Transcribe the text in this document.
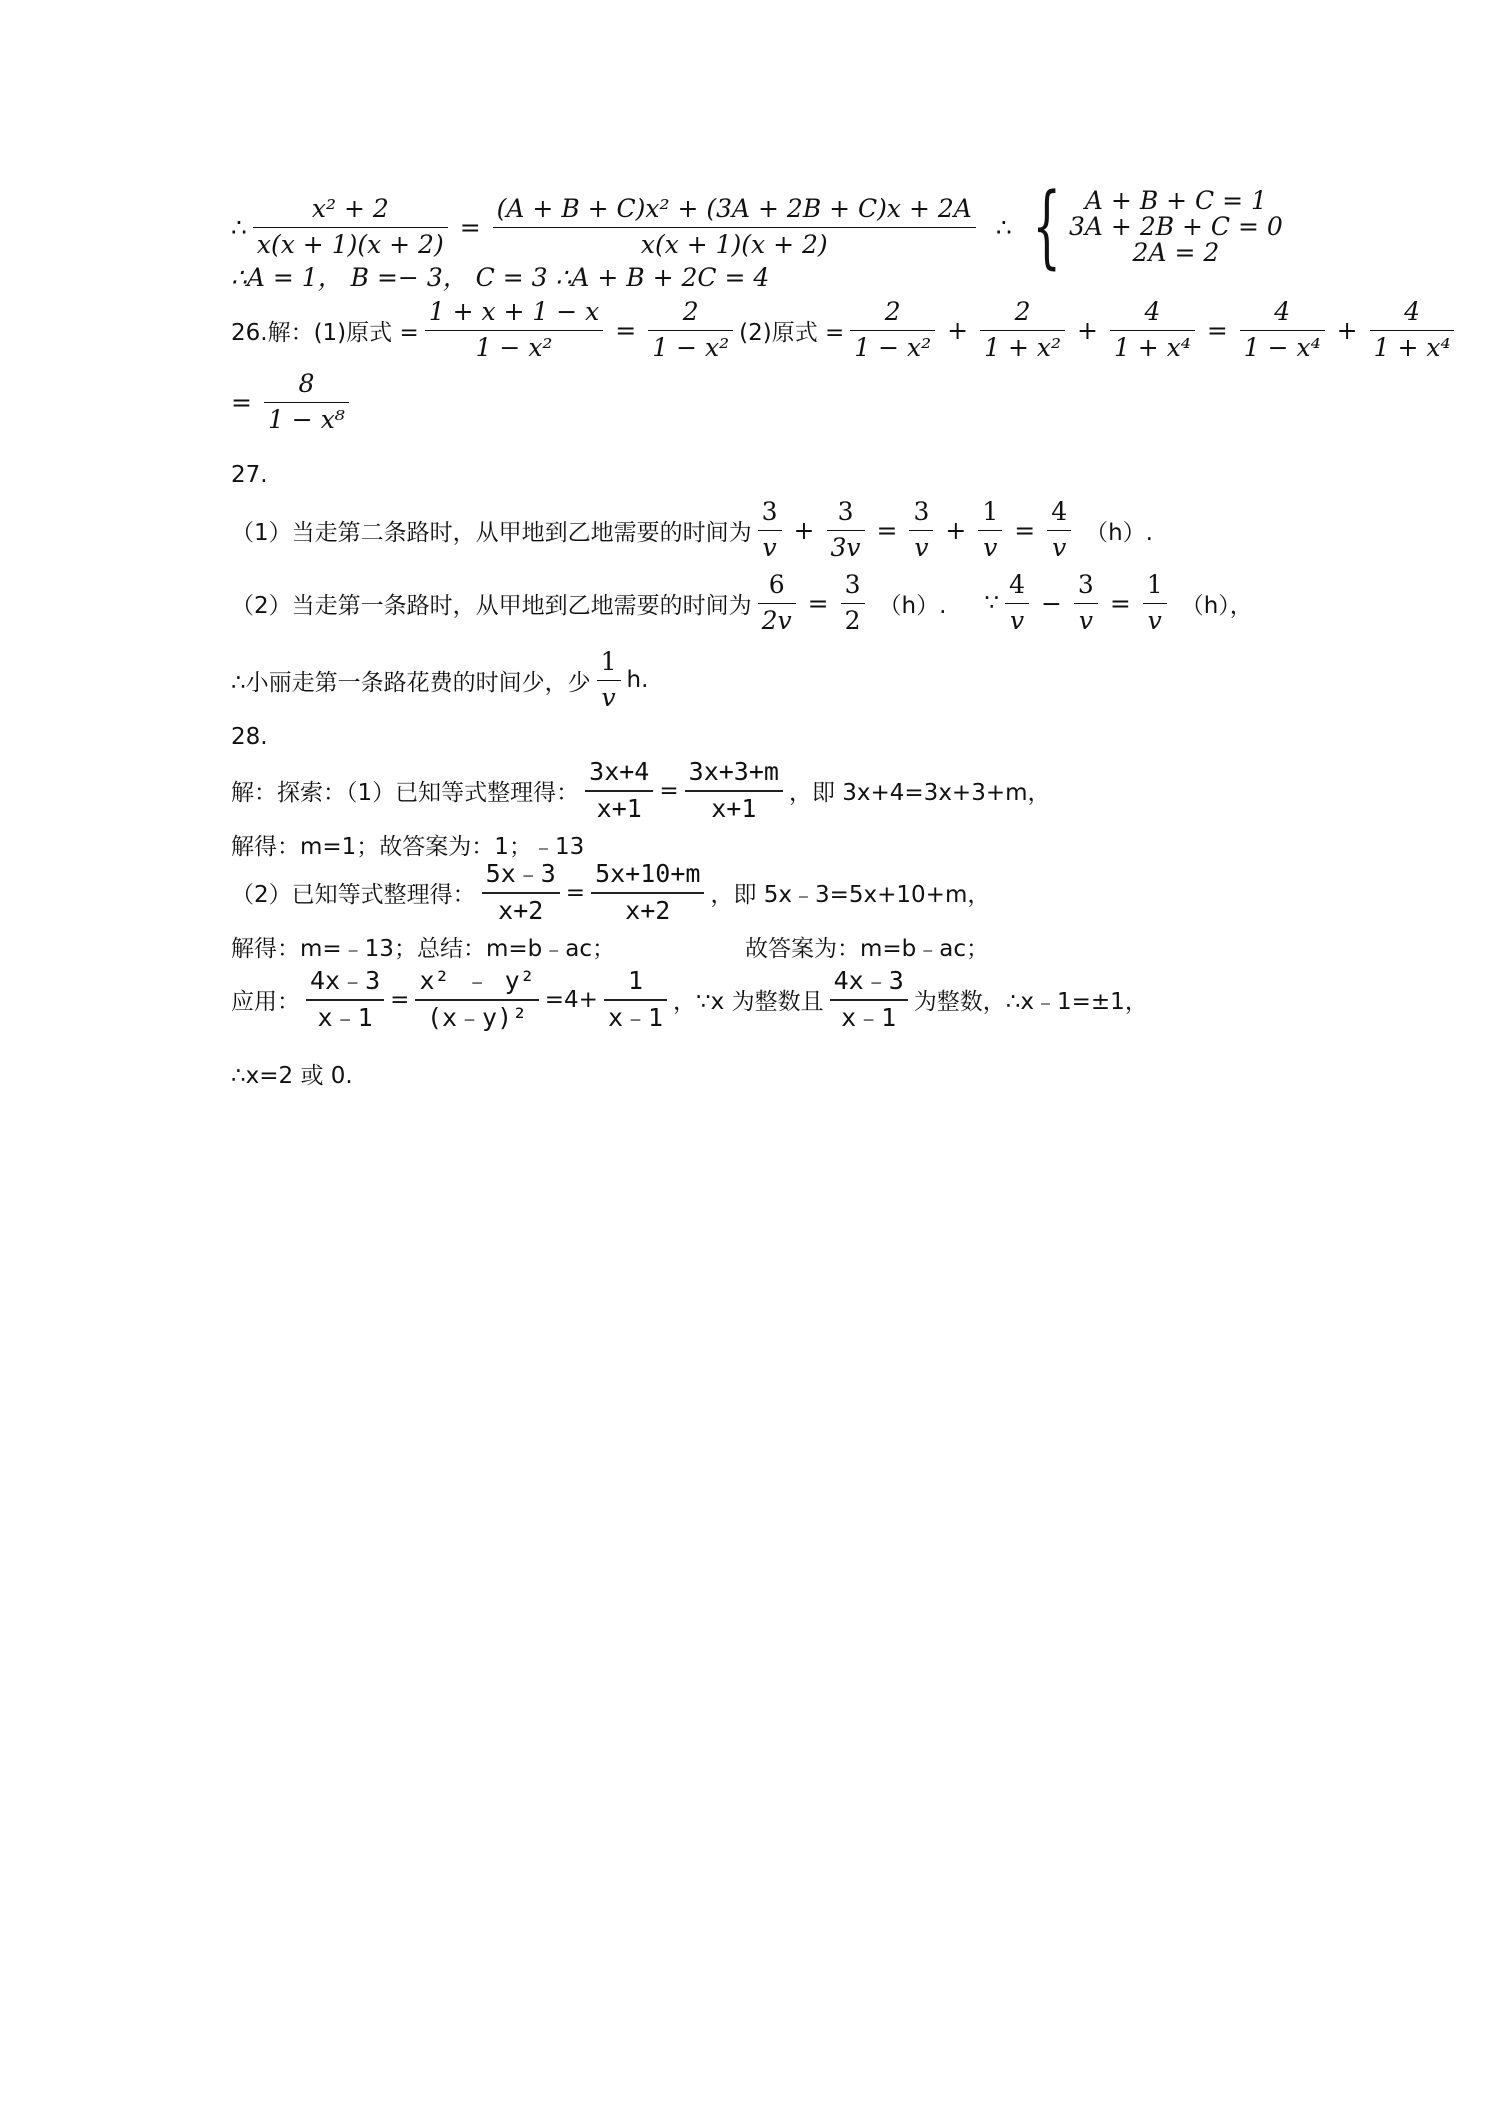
∴ $\frac{\text{x² + 2}}{x(x + 1)(x + 2)} = \frac{\text{(A + B + C)x² + (3A + 2B + C)x + 2A}}{x(x + 1)(x + 2)}$ ∴ { A + B + C = 1
3A + 2B + C = 0
2A = 2
∴A = 1， B =− 3， C = 3 ∴A + B + 2C = 4
26.解：(1)原式 = $\frac{1 + x + 1 - x}{\text{1 − x²}} = \frac{2}{\text{1 − x²}} (2)$原式 = $\frac{2}{\text{1 − x²}} + \frac{2}{\text{1 + x²}} + \frac{4}{\text{1 + x⁴}} = \frac{4}{\text{1 − x⁴}} + \frac{4}{\text{1 + x⁴}}$
= $\frac{8}{\text{1 − x⁸}}$
27.
（1）当走第二条路时，从甲地到乙地需要的时间为 $\frac{3}{v} + \frac{3}{3v} = \frac{3}{v} + \frac{1}{v} = \frac{4}{v} (h)$.
（2）当走第一条路时，从甲地到乙地需要的时间为 $\frac{6}{2v} = \frac{3}{2} (h)$. ∵ $\frac{4}{v} - \frac{3}{v} = \frac{1}{v} (h)$，
∴小丽走第一条路花费的时间少，少 $\frac{1}{v} h$.
28.
解：探索：（1）已知等式整理得： $\frac{3x+4}{x+1} = \frac{3x+3+m}{x+1}$ ，即 3x+4=3x+3+m，
解得：m=1；故答案为：1；﹣13
（2）已知等式整理得： $\frac{5x﹣3}{x+2} = \frac{5x+10+m}{x+2}$ ，即 5x﹣3=5x+10+m，
解得：m=﹣13；总结：m=b﹣ac；	故答案为：m=b﹣ac；
应用： $\frac{4x﹣3}{x﹣1} = \frac{\text{x² ﹣ y²}}{\text{(x﹣y)²}} =4+ \frac{1}{x﹣1}$ ，∵x 为整数且 $\frac{4x﹣3}{x﹣1}$ 为整数，∴x﹣1=±1，
∴x=2 或 0.
